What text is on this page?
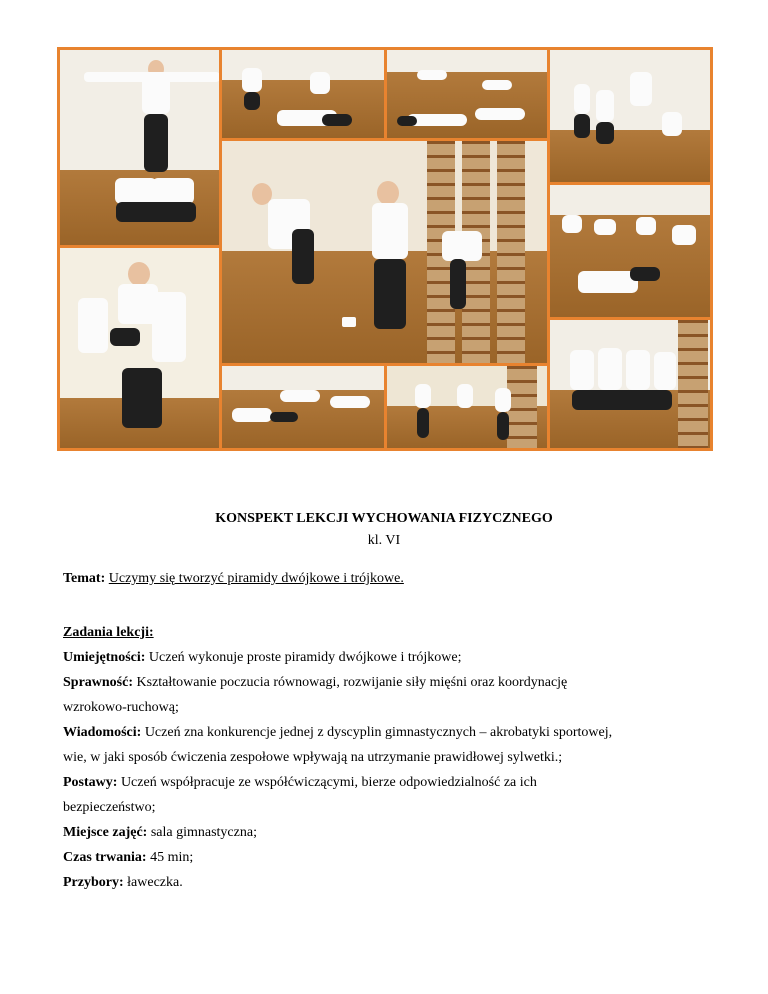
KONSPEKT LEKCJI WYCHOWANIA FIZYCZNEGO
kl. VI
Temat: Uczymy się tworzyć piramidy dwójkowe i trójkowe.
Zadania lekcji:
Umiejętności: Uczeń wykonuje proste piramidy dwójkowe i trójkowe;
Sprawność: Kształtowanie poczucia równowagi, rozwijanie siły mięśni oraz koordynację
wzrokowo-ruchową;
Wiadomości: Uczeń zna konkurencje jednej z dyscyplin gimnastycznych – akrobatyki sportowej,
wie, w jaki sposób ćwiczenia zespołowe wpływają na utrzymanie prawidłowej sylwetki.;
Postawy: Uczeń współpracuje ze współćwiczącymi, bierze odpowiedzialność za ich
bezpieczeństwo;
Miejsce zajęć: sala gimnastyczna;
Czas trwania: 45 min;
Przybory: ławeczka.
